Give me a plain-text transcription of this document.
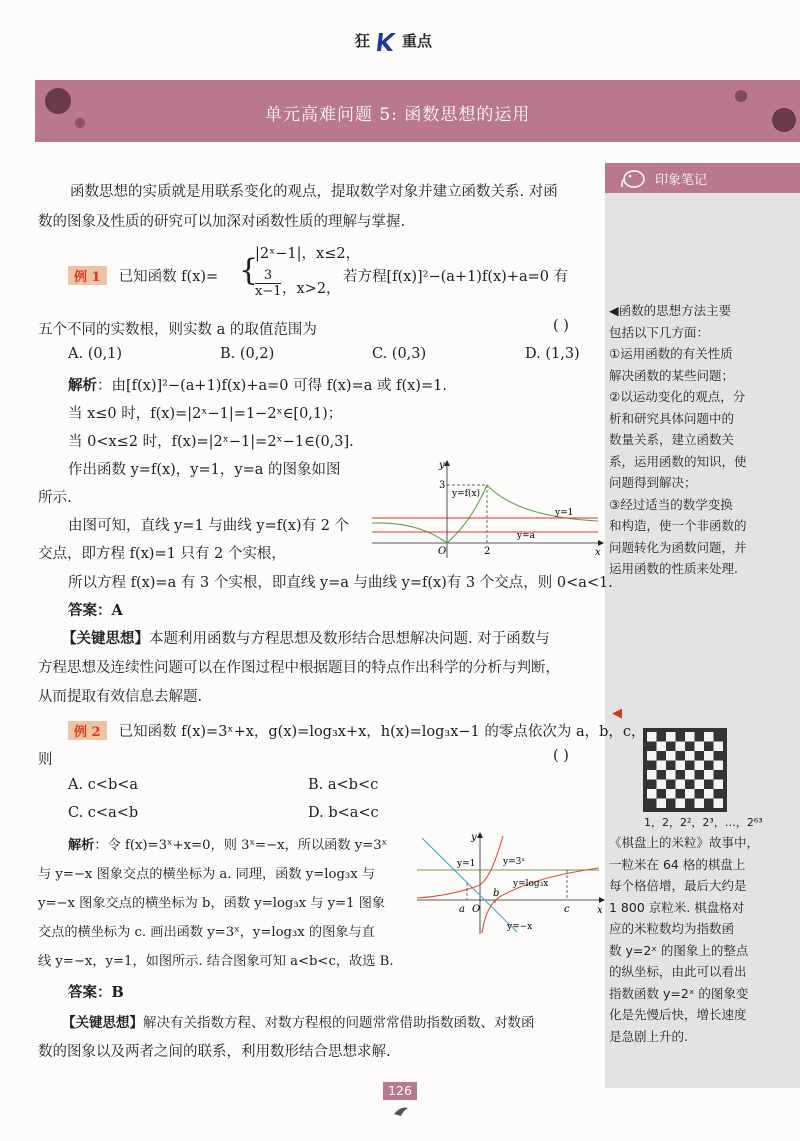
狂 重点
单元高难问题 5: 函数思想的运用
印象笔记
◀函数的思想方法主要
包括以下几方面：
①运用函数的有关性质
解决函数的某些问题；
②以运动变化的观点，分
析和研究具体问题中的
数量关系，建立函数关
系，运用函数的知识，使
问题得到解决；
③经过适当的数学变换
和构造，使一个非函数的
问题转化为函数问题，并
运用函数的性质来处理.
◀
1，2，2²，2³，…，2⁶³
《棋盘上的米粒》故事中，
一粒米在 64 格的棋盘上
每个格倍增，最后大约是
1 800 京粒米. 棋盘格对
应的米粒数均为指数函
数 y=2ˣ 的图象上的整点
的纵坐标，由此可以看出
指数函数 y=2ˣ 的图象变
化是先慢后快，增长速度
是急剧上升的.
函数思想的实质就是用联系变化的观点，提取数学对象并建立函数关系. 对函
数的图象及性质的研究可以加深对函数性质的理解与掌握.
例 1 已知函数 f(x)= {
|2ˣ−1|，x≤2，
$\frac{3}{x-1}$ ，x>2，
若方程[f(x)]²−(a+1)f(x)+a=0 有
五个不同的实数根，则实数 a 的取值范围为	( )
A. (0,1)	B. (0,2)	C. (0,3)	D. (1,3)
解析：由[f(x)]²−(a+1)f(x)+a=0 可得 f(x)=a 或 f(x)=1.
当 x≤0 时，f(x)=|2ˣ−1|=1−2ˣ∈[0,1)；
当 0<x≤2 时，f(x)=|2ˣ−1|=2ˣ−1∈(0,3].
作出函数 y=f(x)，y=1，y=a 的图象如图
所示.
由图可知，直线 y=1 与曲线 y=f(x)有 2 个
交点，即方程 f(x)=1 只有 2 个实根，
所以方程 f(x)=a 有 3 个实根，即直线 y=a 与曲线 y=f(x)有 3 个交点，则 0<a<1.
答案：A
y
x
O
3
2
y=f(x)
y=1
y=a
【关键思想】本题利用函数与方程思想及数形结合思想解决问题. 对于函数与
方程思想及连续性问题可以在作图过程中根据题目的特点作出科学的分析与判断，
从而提取有效信息去解题.
例 2 已知函数 f(x)=3ˣ+x，g(x)=log₃x+x，h(x)=log₃x−1 的零点依次为 a，b，c，
则	( )
A. c<b<a	B. a<b<c
C. c<a<b	D. b<a<c
解析：令 f(x)=3ˣ+x=0，则 3ˣ=−x，所以函数 y=3ˣ
与 y=−x 图象交点的横坐标为 a. 同理，函数 y=log₃x 与
y=−x 图象交点的横坐标为 b，函数 y=log₃x 与 y=1 图象
交点的横坐标为 c. 画出函数 y=3ˣ，y=log₃x 的图象与直
线 y=−x，y=1，如图所示. 结合图象可知 a<b<c，故选 B.
答案：B
y
x
O
a
b
c
y=1	y=3ˣ
y=log₃x
y=−x
【关键思想】解决有关指数方程、对数方程根的问题常常借助指数函数、对数函
数的图象以及两者之间的联系，利用数形结合思想求解.
126
